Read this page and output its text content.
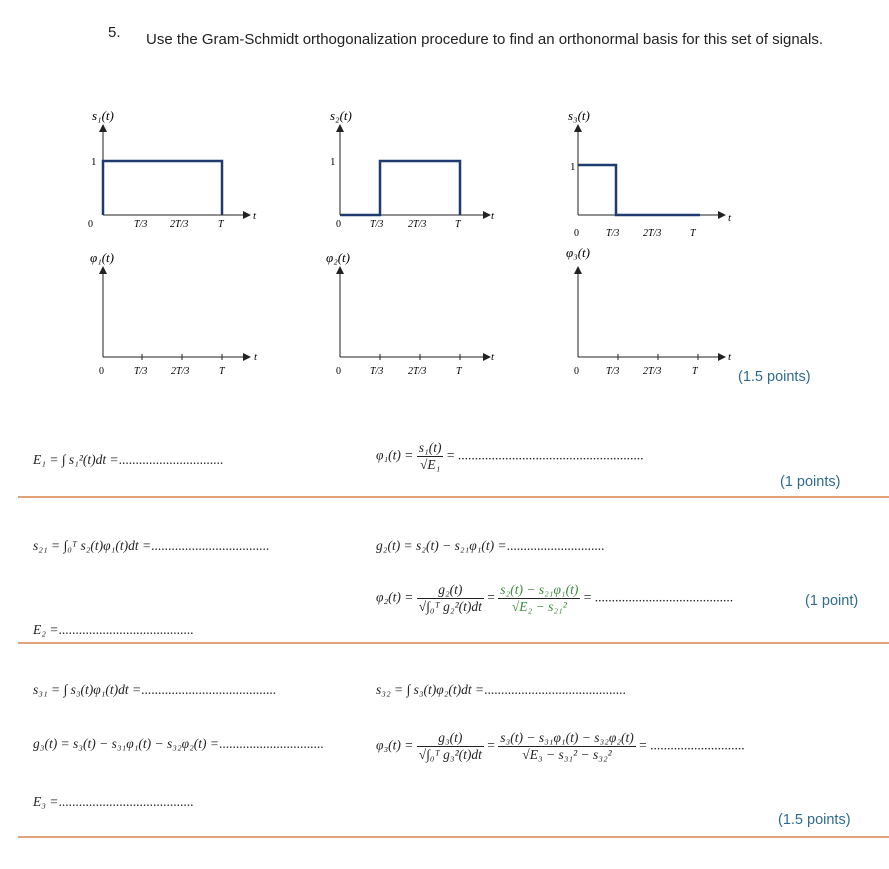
5. Use the Gram-Schmidt orthogonalization procedure to find an orthonormal basis for this set of signals.
s₁(t)
1
0	T/3 2T/3	T
t
s₂(t)
1
0	T/3 2T/3	T
t
s₃(t)
1
0	T/3 2T/3	T
t
φ₁(t)
0	T/3 2T/3	T
t
φ₂(t)
0	T/3 2T/3	T
t
φ₃(t)
0	T/3 2T/3	T
t
(1.5 points)
E₁ = ∫ s₁²(t)dt =...............................	$\varphi_1(t) = \frac{\text{s₁(t)}}{\text{√E₁}}$ = .......................................................
(1 points)
s₂₁ = ∫₀ᵀ s₂(t)φ₁(t)dt =...................................	g₂(t) = s₂(t) − s₂₁φ₁(t) =.............................
$\varphi_2(t) = \frac{\text{g₂(t)}}{\text{√∫₀ᵀ g₂²(t)dt}} = \frac{\text{s₂(t) − s₂₁φ₁(t)}}{\text{√E₂ − s₂₁²}}$ = .........................................	(1 point)
E₂ =........................................
s₃₁ = ∫ s₃(t)φ₁(t)dt =........................................	s₃₂ = ∫ s₃(t)φ₂(t)dt =..........................................
g₃(t) = s₃(t) − s₃₁φ₁(t) − s₃₂φ₂(t) =...............................	$\varphi_3(t) = \frac{\text{g₃(t)}}{\text{√∫₀ᵀ g₃²(t)dt}} = \frac{\text{s₃(t) − s₃₁φ₁(t) − s₃₂φ₂(t)}}{\text{√E₃ − s₃₁² − s₃₂²}}$ = ............................
E₃ =........................................
(1.5 points)
